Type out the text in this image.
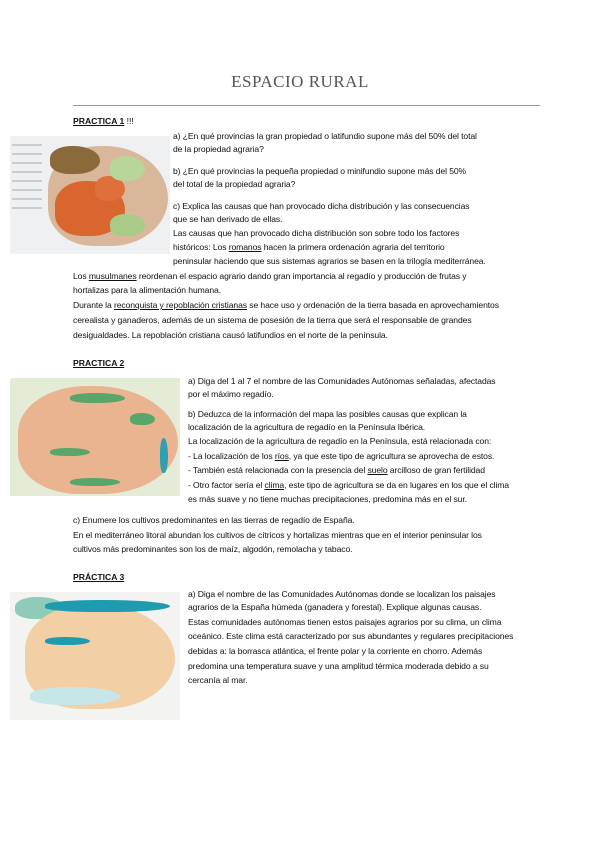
ESPACIO RURAL
PRACTICA 1 !!!
a) ¿En qué provincias la gran propiedad o latifundio supone más del 50% del total
de la propiedad agraria?
b) ¿En qué provincias la pequeña propiedad o minifundio supone más del 50%
del total de la propiedad agraria?
c) Explica las causas que han provocado dicha distribución y las consecuencias
que se han derivado de ellas.
Las causas que han provocado dicha distribución son sobre todo los factores
históricos: Los romanos hacen la primera ordenación agraria del territorio
peninsular haciendo que sus sistemas agrarios se basen en la trilogía mediterránea.
Los musulmanes reordenan el espacio agrario dando gran importancia al regadío y producción de frutas y
hortalizas para la alimentación humana.
Durante la reconquista y repoblación cristianas se hace uso y ordenación de la tierra basada en aprovechamientos
cerealista y ganaderos, además de un sistema de posesión de la tierra que será el responsable de grandes
desigualdades. La repoblación cristiana causó latifundios en el norte de la península.
PRACTICA 2
a) Diga del 1 al 7 el nombre de las Comunidades Autónomas señaladas, afectadas
por el máximo regadío.
b) Deduzca de la información del mapa las posibles causas que explican la
localización de la agricultura de regadío en la Península Ibérica.
La localización de la agricultura de regadío en la Península, está relacionada con:
- La localización de los ríos, ya que este tipo de agricultura se aprovecha de estos.
- También está relacionada con la presencia del suelo arcilloso de gran fertilidad
- Otro factor sería el clima, este tipo de agricultura se da en lugares en los que el clima
es más suave y no tiene muchas precipitaciones, predomina más en el sur.
c) Enumere los cultivos predominantes en las tierras de regadío de España.
En el mediterráneo litoral abundan los cultivos de cítricos y hortalizas mientras que en el interior peninsular los
cultivos más predominantes son los de maíz, algodón, remolacha y tabaco.
PRÁCTICA 3
a) Diga el nombre de las Comunidades Autónomas donde se localizan los paisajes
agrarios de la España húmeda (ganadera y forestal). Explique algunas causas.
Estas comunidades autónomas tienen estos paisajes agrarios por su clima, un clima
oceánico. Este clima está caracterizado por sus abundantes y regulares precipitaciones
debidas a: la borrasca atlántica, el frente polar y la corriente en chorro. Además
predomina una temperatura suave y una amplitud térmica moderada debido a su
cercanía al mar.
